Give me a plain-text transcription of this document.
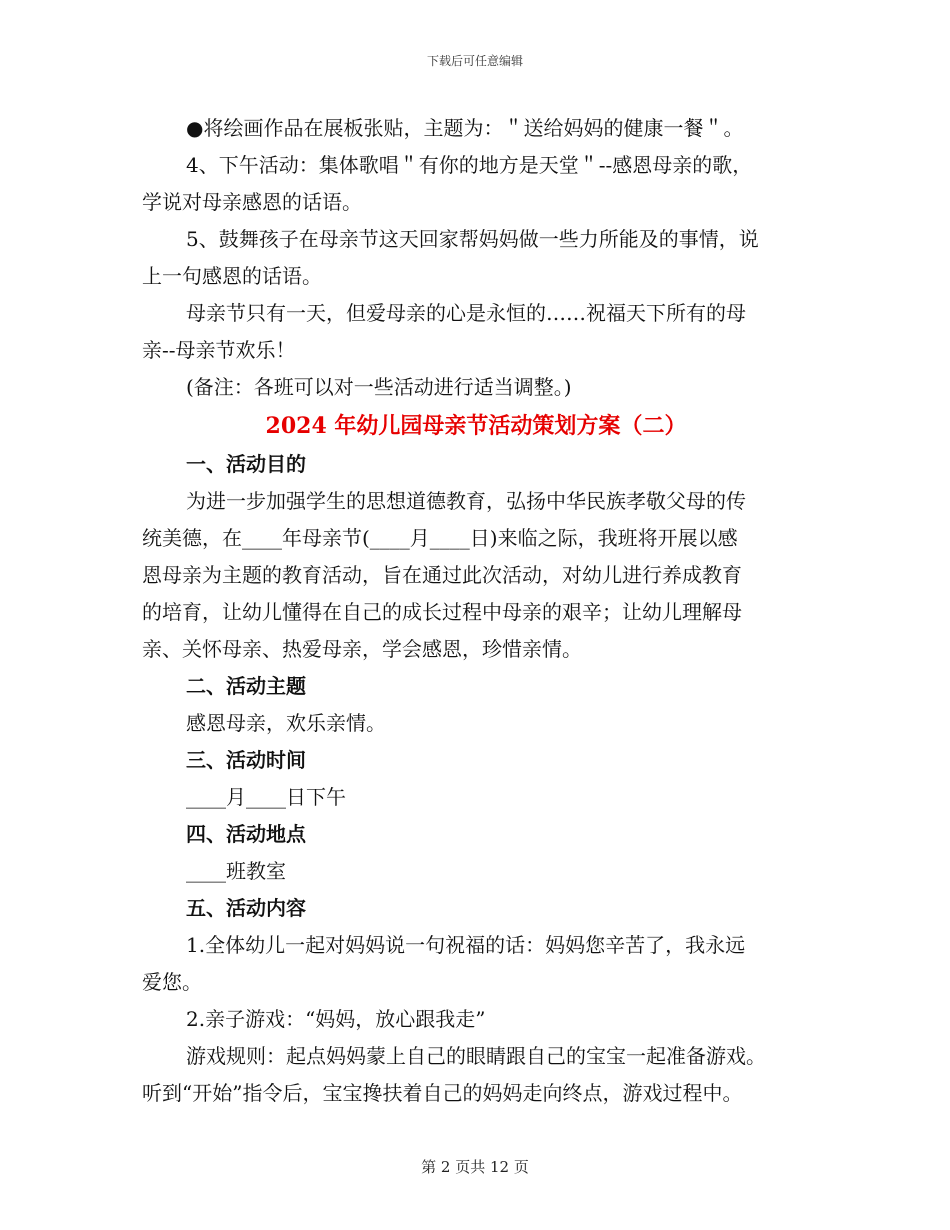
下载后可任意编辑
●将绘画作品在展板张贴，主题为：＂送给妈妈的健康一餐＂。
4、下午活动：集体歌唱＂有你的地方是天堂＂--感恩母亲的歌，
学说对母亲感恩的话语。
5、鼓舞孩子在母亲节这天回家帮妈妈做一些力所能及的事情，说
上一句感恩的话语。
母亲节只有一天，但爱母亲的心是永恒的……祝福天下所有的母
亲--母亲节欢乐！
(备注：各班可以对一些活动进行适当调整。)
2024 年幼儿园母亲节活动策划方案（二）
一、活动目的
为进一步加强学生的思想道德教育，弘扬中华民族孝敬父母的传
统美德，在____年母亲节(____月____日)来临之际，我班将开展以感
恩母亲为主题的教育活动，旨在通过此次活动，对幼儿进行养成教育
的培育，让幼儿懂得在自己的成长过程中母亲的艰辛；让幼儿理解母
亲、关怀母亲、热爱母亲，学会感恩，珍惜亲情。
二、活动主题
感恩母亲，欢乐亲情。
三、活动时间
____月____日下午
四、活动地点
____班教室
五、活动内容
1.全体幼儿一起对妈妈说一句祝福的话：妈妈您辛苦了，我永远
爱您。
2.亲子游戏：“妈妈，放心跟我走”
游戏规则：起点妈妈蒙上自己的眼睛跟自己的宝宝一起准备游戏。
听到“开始”指令后，宝宝搀扶着自己的妈妈走向终点，游戏过程中。
第 2 页共 12 页
